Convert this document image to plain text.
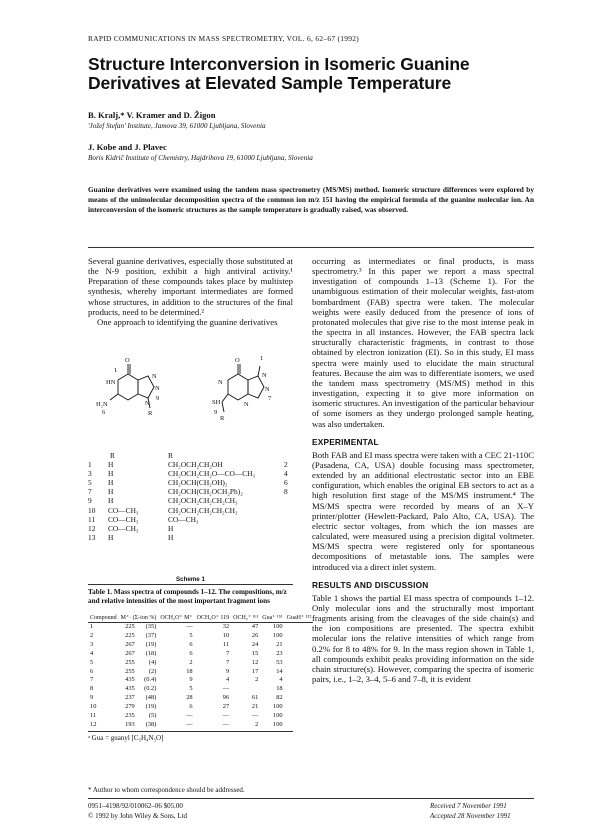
RAPID COMMUNICATIONS IN MASS SPECTROMETRY, VOL. 6, 62–67 (1992)
Structure Interconversion in Isomeric Guanine Derivatives at Elevated Sample Temperature
B. Kralj,* V. Kramer and D. Žigon
'Jožef Stefan' Institute, Jamova 39, 61000 Ljubljana, Slovenia
J. Kobe and J. Plavec
Boris Kidrič Institute of Chemistry, Hajdrihova 19, 61000 Ljubljana, Slovenia
Guanine derivatives were examined using the tandem mass spectrometry (MS/MS) method. Isomeric structure differences were explored by means of the unimolecular decomposition spectra of the common ion m/z 151 having the empirical formula of the guanine molecular ion. An interconversion of the isomeric structures as the sample temperature is gradually raised, was observed.

Several guanine derivatives, especially those substituted at the N-9 position, exhibit a high antiviral activity.¹ Preparation of these compounds takes place by multistep synthesis, whereby important intermediates are formed whose structures, in addition to the structures of the final products, need to be determined.²

One approach to identifying the guanine derivatives

O
HN
H₂N
N
N
N
R
1
6
9
O
N
N
N
SH
R
N
1
7
9
R	R
1 H	CH₂OCH₂CH₂OH	2
3 H	CH₂OCH₂CH₂O—CO—CH₃	4
5 H	CH₂OCH(CH₂OH)₂	6
7 H	CH₂OCH(CH₂OCH₂Ph)₂	8
9 H	CH₂OCH₂CH₂CH₂CH₃
10 CO—CH₃	CH₂OCH₂CH₂CH₂CH₃
11 CO—CH₃	CO—CH₃
12 CO—CH₃	H
13 H	H
Scheme 1
Table 1. Mass spectra of compounds 1–12. The compositions, m/z and relative intensities of the most important fragment ions
Compound	M⁺· (Σ-ion %)		OCH₂O⁺ M⁺	OCH₂O⁺ 119	OCH₂⁺ ¹⁶¹	Gua⁺ ¹⁵¹	GuaH⁺ ¹⁵²
1	225	(35)	—	32	47	100	
2	225	(37)	5	10	26	100	
3	267	(19)	6	11	24	21	
4	267	(18)	6	7	15	23	
5	255	(4)	2	7	12	53	
6	255	(2)	18	9	17	14	
7	435	(0.4)	9	4	2	4	
8	435	(0.2)	5	—		18	
9	237	(48)	28	96	61	82	
10	279	(19)	6	27	21	100	
11	235	(5)	—	—	—	100	
12	193	(38)	—	—	2	100	
ᵃ Gua = guanyl [C₅H₄N₅O]
* Author to whom correspondence should be addressed.
0951–4198/92/010062–06 $05.00
© 1992 by John Wiley & Sons, Ltd
Received 7 November 1991
Accepted 28 November 1991

occurring as intermediates or final products, is mass spectrometry.³ In this paper we report a mass spectral investigation of compounds 1–13 (Scheme 1). For the unambiguous estimation of their molecular weights, fast-atom bombardment (FAB) spectra were taken. The molecular weights were easily deduced from the presence of ions of protonated molecules that give rise to the most intense peak in the spectra in all instances. However, the FAB spectra lack structurally characteristic fragments, in contrast to those obtained by electron ionization (EI). So in this study, EI mass spectra were mainly used to elucidate the main structural features. Because the aim was to differentiate isomers, we used the tandem mass spectrometry (MS/MS) method in this investigation, expecting it to give more information on isomeric structures. An investigation of the particular behaviour of some isomers as they undergo prolonged sample heating, was also undertaken.

EXPERIMENTAL

Both FAB and EI mass spectra were taken with a CEC 21-110C (Pasadena, CA, USA) double focusing mass spectrometer, extended by an additional electrostatic sector into an EBE configuration, which enables the original EB sectors to act as a high resolution first stage of the MS/MS instrument.⁴ The MS/MS spectra were recorded by means of an X–Y printer/plotter (Hewlett-Packard, Palo Alto, CA, USA). The electric sector voltages, from which the ion masses are calculated, were measured using a precision digital voltmeter. MS/MS spectra were registered only for spontaneous decompositions of metastable ions. The samples were introduced via a direct inlet system.

RESULTS AND DISCUSSION

Table 1 shows the partial EI mass spectra of compounds 1–12. Only molecular ions and the structurally most important fragments arising from the cleavages of the side chain(s) and the ion compositions are presented. The spectra exhibit molecular ions the relative intensities of which range from 0.2% for 8 to 48% for 9. In the mass region shown in Table 1, all compounds exhibit peaks providing information on the side chain structure(s). However, comparing the spectra of isomeric pairs, i.e., 1–2, 3–4, 5–6 and 7–8, it is evident
